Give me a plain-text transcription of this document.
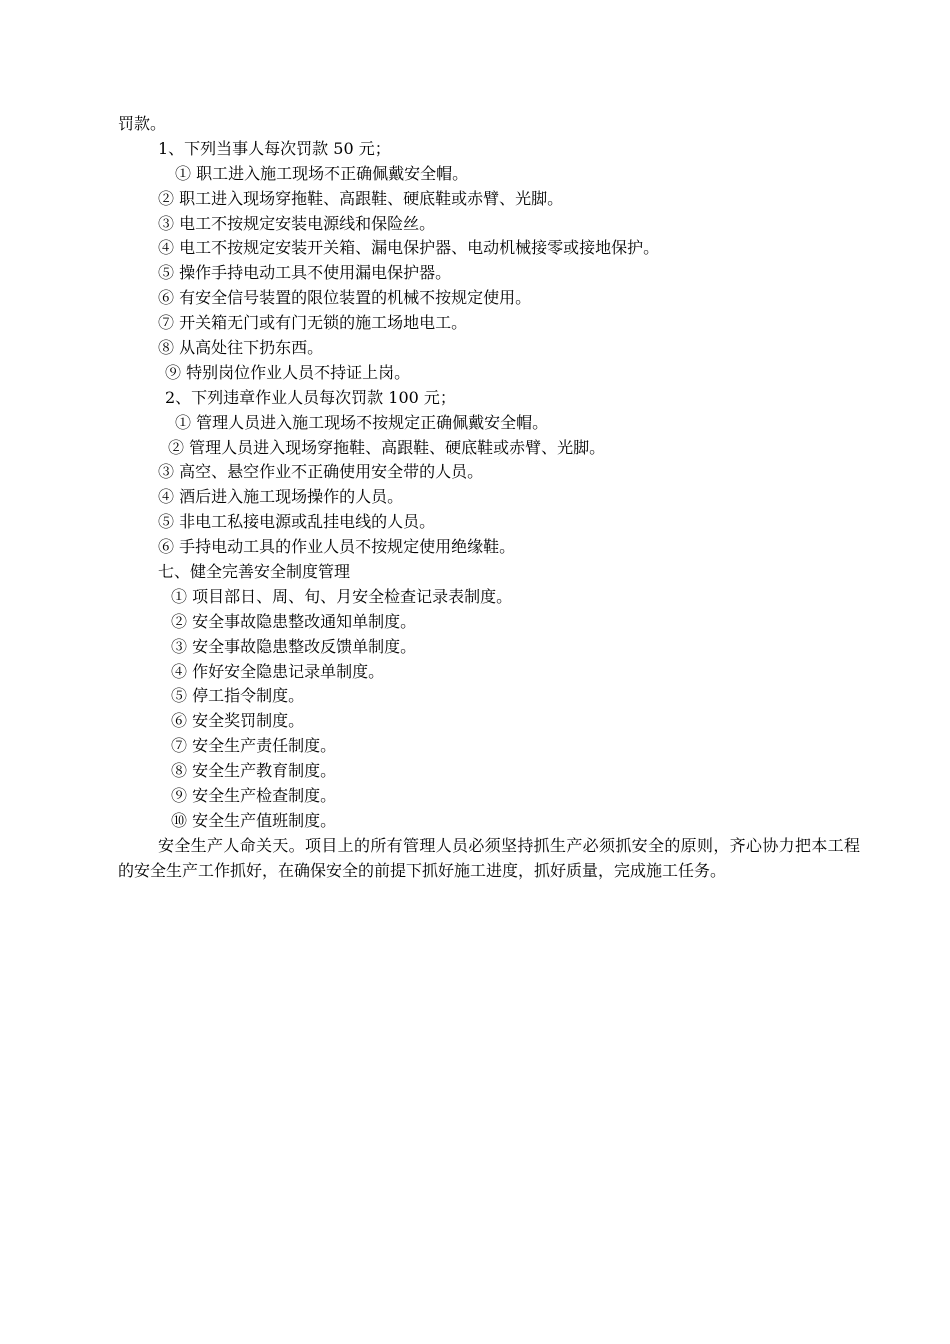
罚款。
1、下列当事人每次罚款 50 元；
① 职工进入施工现场不正确佩戴安全帽。
② 职工进入现场穿拖鞋、高跟鞋、硬底鞋或赤臂、光脚。
③ 电工不按规定安装电源线和保险丝。
④ 电工不按规定安装开关箱、漏电保护器、电动机械接零或接地保护。
⑤ 操作手持电动工具不使用漏电保护器。
⑥ 有安全信号装置的限位装置的机械不按规定使用。
⑦ 开关箱无门或有门无锁的施工场地电工。
⑧ 从高处往下扔东西。
⑨ 特别岗位作业人员不持证上岗。
2、下列违章作业人员每次罚款 100 元；
① 管理人员进入施工现场不按规定正确佩戴安全帽。
② 管理人员进入现场穿拖鞋、高跟鞋、硬底鞋或赤臂、光脚。
③ 高空、悬空作业不正确使用安全带的人员。
④ 酒后进入施工现场操作的人员。
⑤ 非电工私接电源或乱挂电线的人员。
⑥ 手持电动工具的作业人员不按规定使用绝缘鞋。
七、健全完善安全制度管理
① 项目部日、周、旬、月安全检查记录表制度。
② 安全事故隐患整改通知单制度。
③ 安全事故隐患整改反馈单制度。
④ 作好安全隐患记录单制度。
⑤ 停工指令制度。
⑥ 安全奖罚制度。
⑦ 安全生产责任制度。
⑧ 安全生产教育制度。
⑨ 安全生产检查制度。
⑩ 安全生产值班制度。
安全生产人命关天。项目上的所有管理人员必须坚持抓生产必须抓安全的原则，齐心协力把本工程的安全生产工作抓好，在确保安全的前提下抓好施工进度，抓好质量，完成施工任务。
